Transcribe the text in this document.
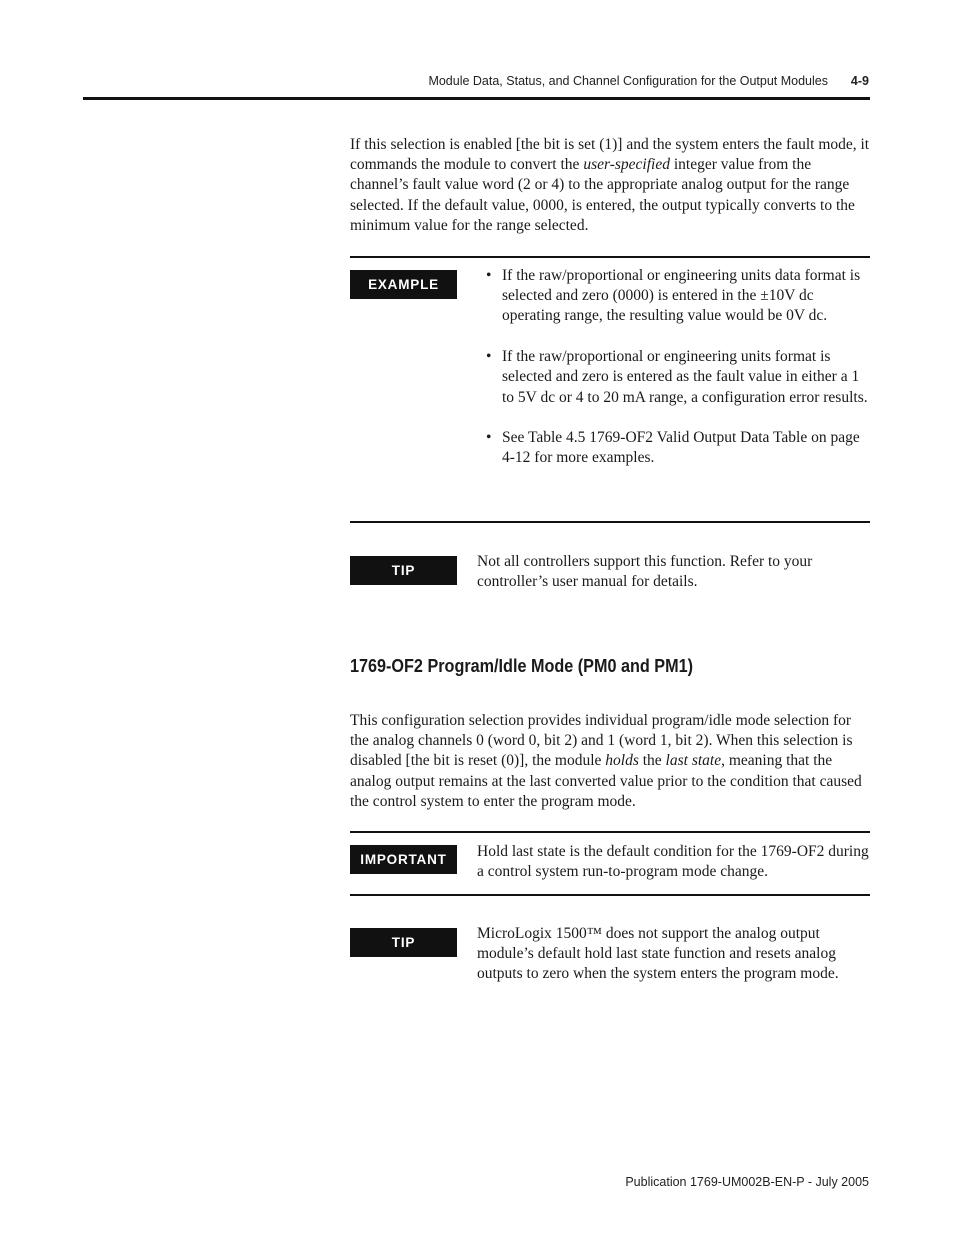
Module Data, Status, and Channel Configuration for the Output Modules 4-9

If this selection is enabled [the bit is set (1)] and the system enters the fault mode, it commands the module to convert the user-specified integer value from the channel’s fault value word (2 or 4) to the appropriate analog output for the range selected. If the default value, 0000, is entered, the output typically converts to the minimum value for the range selected.

EXAMPLE
• If the raw/proportional or engineering units data format is selected and zero (0000) is entered in the ±10V dc operating range, the resulting value would be 0V dc.
• If the raw/proportional or engineering units format is selected and zero is entered as the fault value in either a 1 to 5V dc or 4 to 20 mA range, a configuration error results.
• See Table 4.5 1769-OF2 Valid Output Data Table on page 4-12 for more examples.
TIP

Not all controllers support this function. Refer to your controller’s user manual for details.

1769-OF2 Program/Idle Mode (PM0 and PM1)

This configuration selection provides individual program/idle mode selection for the analog channels 0 (word 0, bit 2) and 1 (word 1, bit 2). When this selection is disabled [the bit is reset (0)], the module holds the last state, meaning that the analog output remains at the last converted value prior to the condition that caused the control system to enter the program mode.

IMPORTANT	Hold last state is the default condition for the 1769-OF2 during a control system run-to-program mode change.

TIP

MicroLogix 1500™ does not support the analog output module’s default hold last state function and resets analog outputs to zero when the system enters the program mode.

Publication 1769-UM002B-EN-P - July 2005
